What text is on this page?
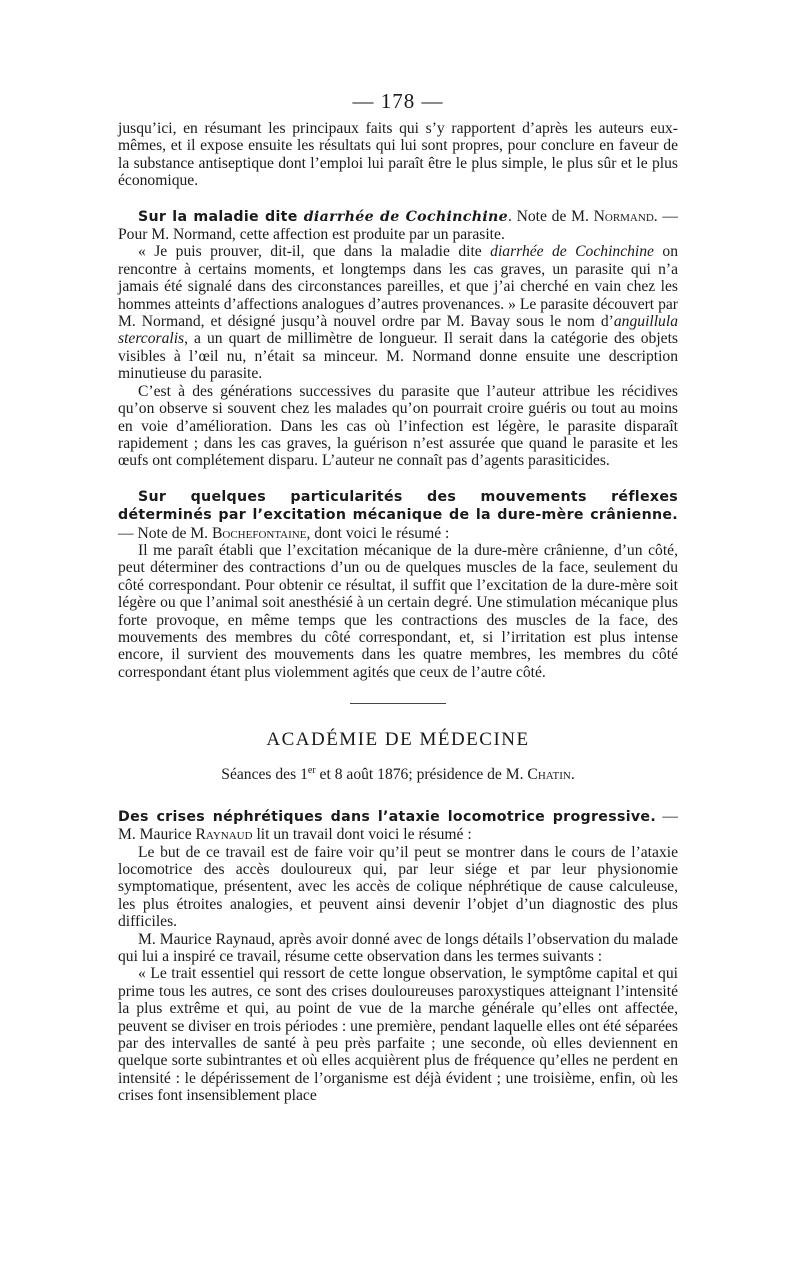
— 178 —

jusqu’ici, en résumant les principaux faits qui s’y rapportent d’après les auteurs eux-mêmes, et il expose ensuite les résultats qui lui sont propres, pour conclure en faveur de la substance antiseptique dont l’emploi lui paraît être le plus simple, le plus sûr et le plus économique.

Sur la maladie dite diarrhée de Cochinchine. Note de M. Normand. — Pour M. Normand, cette affection est produite par un parasite.

« Je puis prouver, dit-il, que dans la maladie dite diarrhée de Cochinchine on rencontre à certains moments, et longtemps dans les cas graves, un parasite qui n’a jamais été signalé dans des circonstances pareilles, et que j’ai cherché en vain chez les hommes atteints d’affections analogues d’autres provenances. » Le parasite découvert par M. Normand, et désigné jusqu’à nouvel ordre par M. Bavay sous le nom d’anguillula stercoralis, a un quart de millimètre de longueur. Il serait dans la catégorie des objets visibles à l’œil nu, n’était sa minceur. M. Normand donne ensuite une description minutieuse du parasite.

C’est à des générations successives du parasite que l’auteur attribue les récidives qu’on observe si souvent chez les malades qu’on pourrait croire guéris ou tout au moins en voie d’amélioration. Dans les cas où l’infection est légère, le parasite disparaît rapidement ; dans les cas graves, la guérison n’est assurée que quand le parasite et les œufs ont complétement disparu. L’auteur ne connaît pas d’agents parasiticides.

Sur quelques particularités des mouvements réflexes déterminés par l’excitation mécanique de la dure-mère crânienne. — Note de M. Bochefontaine, dont voici le résumé :

Il me paraît établi que l’excitation mécanique de la dure-mère crânienne, d’un côté, peut déterminer des contractions d’un ou de quelques muscles de la face, seulement du côté correspondant. Pour obtenir ce résultat, il suffit que l’excitation de la dure-mère soit légère ou que l’animal soit anesthésié à un certain degré. Une stimulation mécanique plus forte provoque, en même temps que les contractions des muscles de la face, des mouvements des membres du côté correspondant, et, si l’irritation est plus intense encore, il survient des mouvements dans les quatre membres, les membres du côté correspondant étant plus violemment agités que ceux de l’autre côté.

ACADÉMIE DE MÉDECINE
Séances des 1er et 8 août 1876; présidence de M. Chatin.

Des crises néphrétiques dans l’ataxie locomotrice progressive. — M. Maurice Raynaud lit un travail dont voici le résumé :

Le but de ce travail est de faire voir qu’il peut se montrer dans le cours de l’ataxie locomotrice des accès douloureux qui, par leur siége et par leur physionomie symptomatique, présentent, avec les accès de colique néphrétique de cause calculeuse, les plus étroites analogies, et peuvent ainsi devenir l’objet d’un diagnostic des plus difficiles.

M. Maurice Raynaud, après avoir donné avec de longs détails l’observation du malade qui lui a inspiré ce travail, résume cette observation dans les termes suivants :

« Le trait essentiel qui ressort de cette longue observation, le symptôme capital et qui prime tous les autres, ce sont des crises douloureuses paroxystiques atteignant l’intensité la plus extrême et qui, au point de vue de la marche générale qu’elles ont affectée, peuvent se diviser en trois périodes : une première, pendant laquelle elles ont été séparées par des intervalles de santé à peu près parfaite ; une seconde, où elles deviennent en quelque sorte subintrantes et où elles acquièrent plus de fréquence qu’elles ne perdent en intensité : le dépérissement de l’organisme est déjà évident ; une troisième, enfin, où les crises font insensiblement place
